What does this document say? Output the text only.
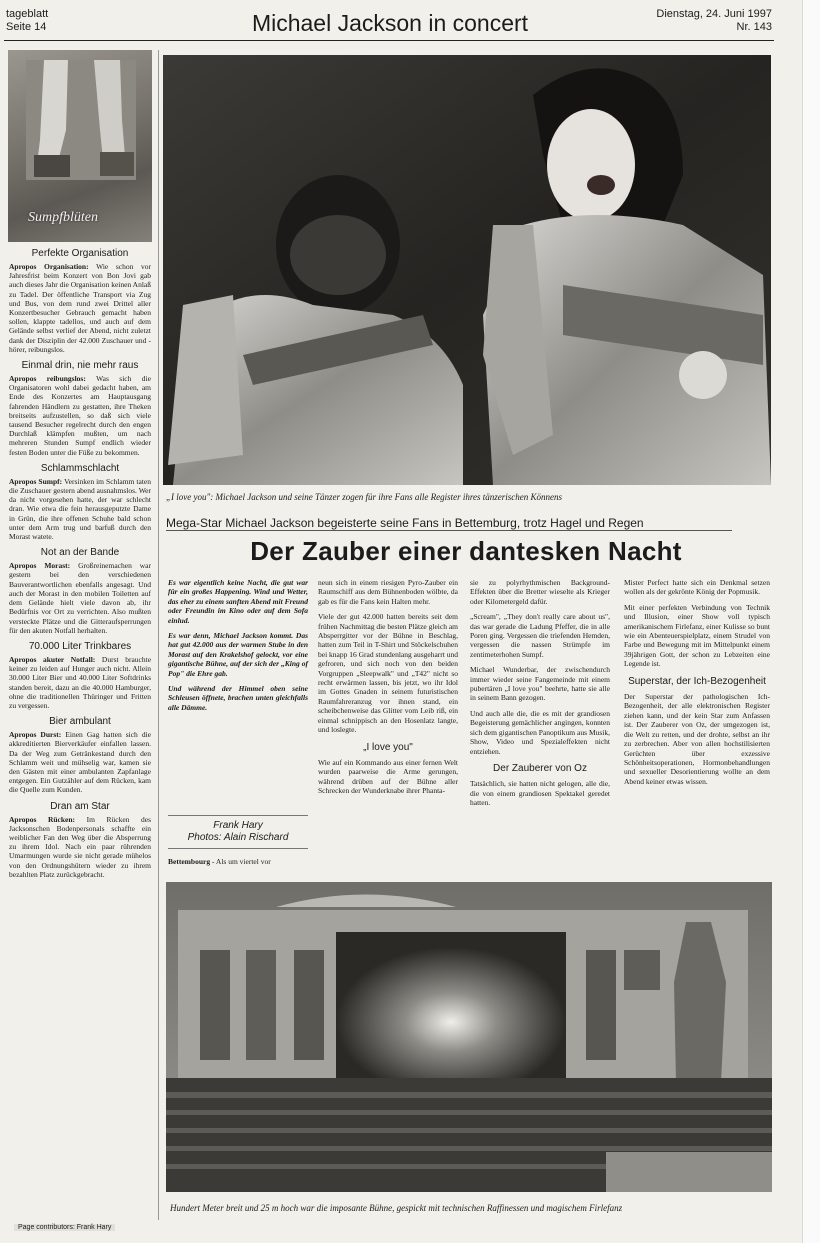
tageblatt
Seite 14	Michael Jackson in concert	Dienstag, 24. Juni 1997
Nr. 143
Sumpfblüten
Perfekte Organisation
Apropos Organisation: Wie schon vor Jahresfrist beim Konzert von Bon Jovi gab auch dieses Jahr die Organisation keinen Anlaß zu Tadel. Der öffentliche Transport via Zug und Bus, von dem rund zwei Drittel aller Konzertbesucher Gebrauch gemacht haben sollen, klappte tadellos, und auch auf dem Gelände selbst verlief der Abend, nicht zuletzt dank der Disziplin der 42.000 Zuschauer und -hörer, reibungslos.
Einmal drin, nie mehr raus
Apropos reibungslos: Was sich die Organisatoren wohl dabei gedacht haben, am Ende des Konzertes am Hauptausgang fahrenden Händlern zu gestatten, ihre Theken breitseits aufzustellen, so daß sich viele tausend Besucher regelrecht durch den engen Durchlaß klämpfen mußten, um nach mehreren Stunden Sumpf endlich wieder festen Boden unter die Füße zu bekommen.
Schlammschlacht
Apropos Sumpf: Versinken im Schlamm taten die Zuschauer gestern abend ausnahmslos. Wer da nicht vorgesehen hatte, der war schlecht dran. Wie etwa die fein herausgeputzte Dame in Grün, die ihre offenen Schuhe bald schon unter dem Arm trug und barfuß durch den Morast watete.
Not an der Bande
Apropos Morast: Großreinemachen war gestern bei den verschiedenen Bauverantwortlichen ebenfalls angesagt. Und auch der Morast in den mobilen Toiletten auf dem Gelände hielt viele davon ab, ihr Bedürfnis vor Ort zu verrichten. Also mußten versteckte Plätze und die Gitteraufsperrungen für den akuten Notfall herhalten.
70.000 Liter Trinkbares
Apropos akuter Notfall: Durst brauchte keiner zu leiden auf Hunger auch nicht. Allein 30.000 Liter Bier und 40.000 Liter Softdrinks standen bereit, dazu an die 40.000 Hamburger, ohne die traditionellen Thüringer und Fritten zu vergessen.
Bier ambulant
Apropos Durst: Einen Gag hatten sich die akkreditierten Bierverkäufer einfallen lassen. Da der Weg zum Getränkestand durch den Schlamm weit und mühselig war, kamen sie den Gästen mit einer ambulanten Zapfanlage entgegen. Ein Gutzähler auf dem Rücken, kam die Quelle zum Kunden.
Dran am Star
Apropos Rücken: Im Rücken des Jacksonschen Bodenpersonals schaffte ein weiblicher Fan den Weg über die Absperrung zu ihrem Idol. Nach ein paar rührenden Umarmungen wurde sie nicht gerade mühelos von den Ordnungshütern wieder zu ihrem bezahlten Platz zurückgebracht.
Page contributors: Frank Hary
„I love you": Michael Jackson und seine Tänzer zogen für ihre Fans alle Register ihres tänzerischen Könnens
Mega-Star Michael Jackson begeisterte seine Fans in Bettemburg, trotz Hagel und Regen
Der Zauber einer dantesken Nacht

Es war eigentlich keine Nacht, die gut war für ein großes Happening. Wind und Wetter, das eher zu einem sanften Abend mit Freund oder Freundin im Kino oder auf dem Sofa einlud.

Es war denn, Michael Jackson kommt. Das hat gut 42.000 aus der warmen Stube in den Morast auf den Krakelshof gelockt, vor eine gigantische Bühne, auf der sich der „King of Pop" die Ehre gab.

Und während der Himmel oben seine Schleusen öffnete, brachen unten gleichfalls alle Dämme.

Frank Hary
Photos: Alain Rischard
Bettembourg - Als um viertel vor

neun sich in einem riesigen Pyro-Zauber ein Raumschiff aus dem Bühnenboden wölbte, da gab es für die Fans kein Halten mehr.

Viele der gut 42.000 hatten bereits seit dem frühen Nachmittag die besten Plätze gleich am Absperrgitter vor der Bühne in Beschlag, hatten zum Teil in T-Shirt und Stöckelschuhen bei knapp 16 Grad stundenlang ausgeharrt und gefroren, und sich noch von den beiden Vorgruppen „Sleepwalk" und „T42" nicht so recht erwärmen lassen, bis jetzt, wo ihr Idol im Gottes Gnaden in seinem futuristischen Raumfahreranzug vor ihnen stand, ein scheibchenweise das Glitter vom Leib riß, ein einmal schnippisch an den Hosenlatz langte, und loslegte.

„I love you"

Wie auf ein Kommando aus einer fernen Welt wurden paarweise die Arme gerungen, während drüben auf der Bühne aller Schrecken der Wunderknabe ihrer Phanta-

sie zu polyrhythmischen Background-Effekten über die Bretter wieselte als Krieger oder Kilometergeld dafür.

„Scream", „They don't really care about us", das war gerade die Ladung Pfeffer, die in alle Poren ging. Vergessen die triefenden Hemden, vergessen die nassen Strümpfe im zentimeterhohen Sumpf.

Michael Wunderbar, der zwischendurch immer wieder seine Fangemeinde mit einem pubertären „I love you" beehrte, hatte sie alle in seinem Bann gezogen.

Und auch alle die, die es mit der grandiosen Begeisterung gemächlicher angingen, konnten sich dem gigantischen Panoptikum aus Musik, Show, Video und Spezialeffekten nicht entziehen.

Der Zauberer von Oz

Tatsächlich, sie hatten nicht gelogen, alle die, die von einem grandiosen Spektakel geredet hatten.

Mister Perfect hatte sich ein Denkmal setzen wollen als der gekrönte König der Popmusik.

Mit einer perfekten Verbindung von Technik und Illusion, einer Show voll typisch amerikanischem Firlefanz, einer Kulisse so bunt wie ein Abenteuerspielplatz, einem Strudel von Farbe und Bewegung mit im Mittelpunkt einem 39jährigen Gott, der schon zu Lebzeiten eine Legende ist.

Superstar, der Ich-Bezogenheit

Der Superstar der pathologischen Ich-Bezogenheit, der alle elektronischen Register ziehen kann, und der kein Star zum Anfassen ist. Der Zauberer von Oz, der umgezogen ist, die Welt zu retten, und der drohte, selbst an ihr zu zerbrechen. Aber von allen hochstilisierten Gerüchten über exzessive Schönheitsoperationen, Hormonbehandlungen und sexueller Desorientierung wollte an dem Abend keiner etwas wissen.

Hundert Meter breit und 25 m hoch war die imposante Bühne, gespickt mit technischen Raffinessen und magischem Firlefanz
